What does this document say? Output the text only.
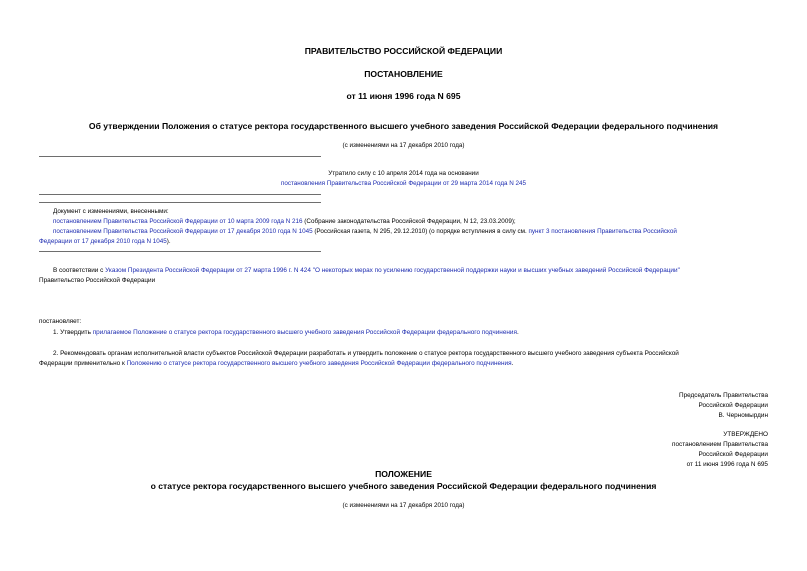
ПРАВИТЕЛЬСТВО РОССИЙСКОЙ ФЕДЕРАЦИИ
ПОСТАНОВЛЕНИЕ
от 11 июня 1996 года N 695
Об утверждении Положения о статусе ректора государственного высшего учебного заведения Российской Федерации федерального подчинения
(с изменениями на 17 декабря 2010 года)
Утратило силу с 10 апреля 2014 года на основании
постановления Правительства Российской Федерации от 29 марта 2014 года N 245
Документ с изменениями, внесенными:
постановлением Правительства Российской Федерации от 10 марта 2009 года N 216 (Собрание законодательства Российской Федерации, N 12, 23.03.2009);
постановлением Правительства Российской Федерации от 17 декабря 2010 года N 1045 (Российская газета, N 295, 29.12.2010) (о порядке вступления в силу см. пункт 3 постановления Правительства Российской
Федерации от 17 декабря 2010 года N 1045).
В соответствии с Указом Президента Российской Федерации от 27 марта 1996 г. N 424 "О некоторых мерах по усилению государственной поддержки науки и высших учебных заведений Российской Федерации"
Правительство Российской Федерации
постановляет:
1. Утвердить прилагаемое Положение о статусе ректора государственного высшего учебного заведения Российской Федерации федерального подчинения.
2. Рекомендовать органам исполнительной власти субъектов Российской Федерации разработать и утвердить положение о статусе ректора государственного высшего учебного заведения субъекта Российской
Федерации применительно к Положению о статусе ректора государственного высшего учебного заведения Российской Федерации федерального подчинения.
Председатель Правительства
Российской Федерации
В. Черномырдин
УТВЕРЖДЕНО
постановлением Правительства
Российской Федерации
от 11 июня 1996 года N 695
ПОЛОЖЕНИЕ
о статусе ректора государственного высшего учебного заведения Российской Федерации федерального подчинения
(с изменениями на 17 декабря 2010 года)
